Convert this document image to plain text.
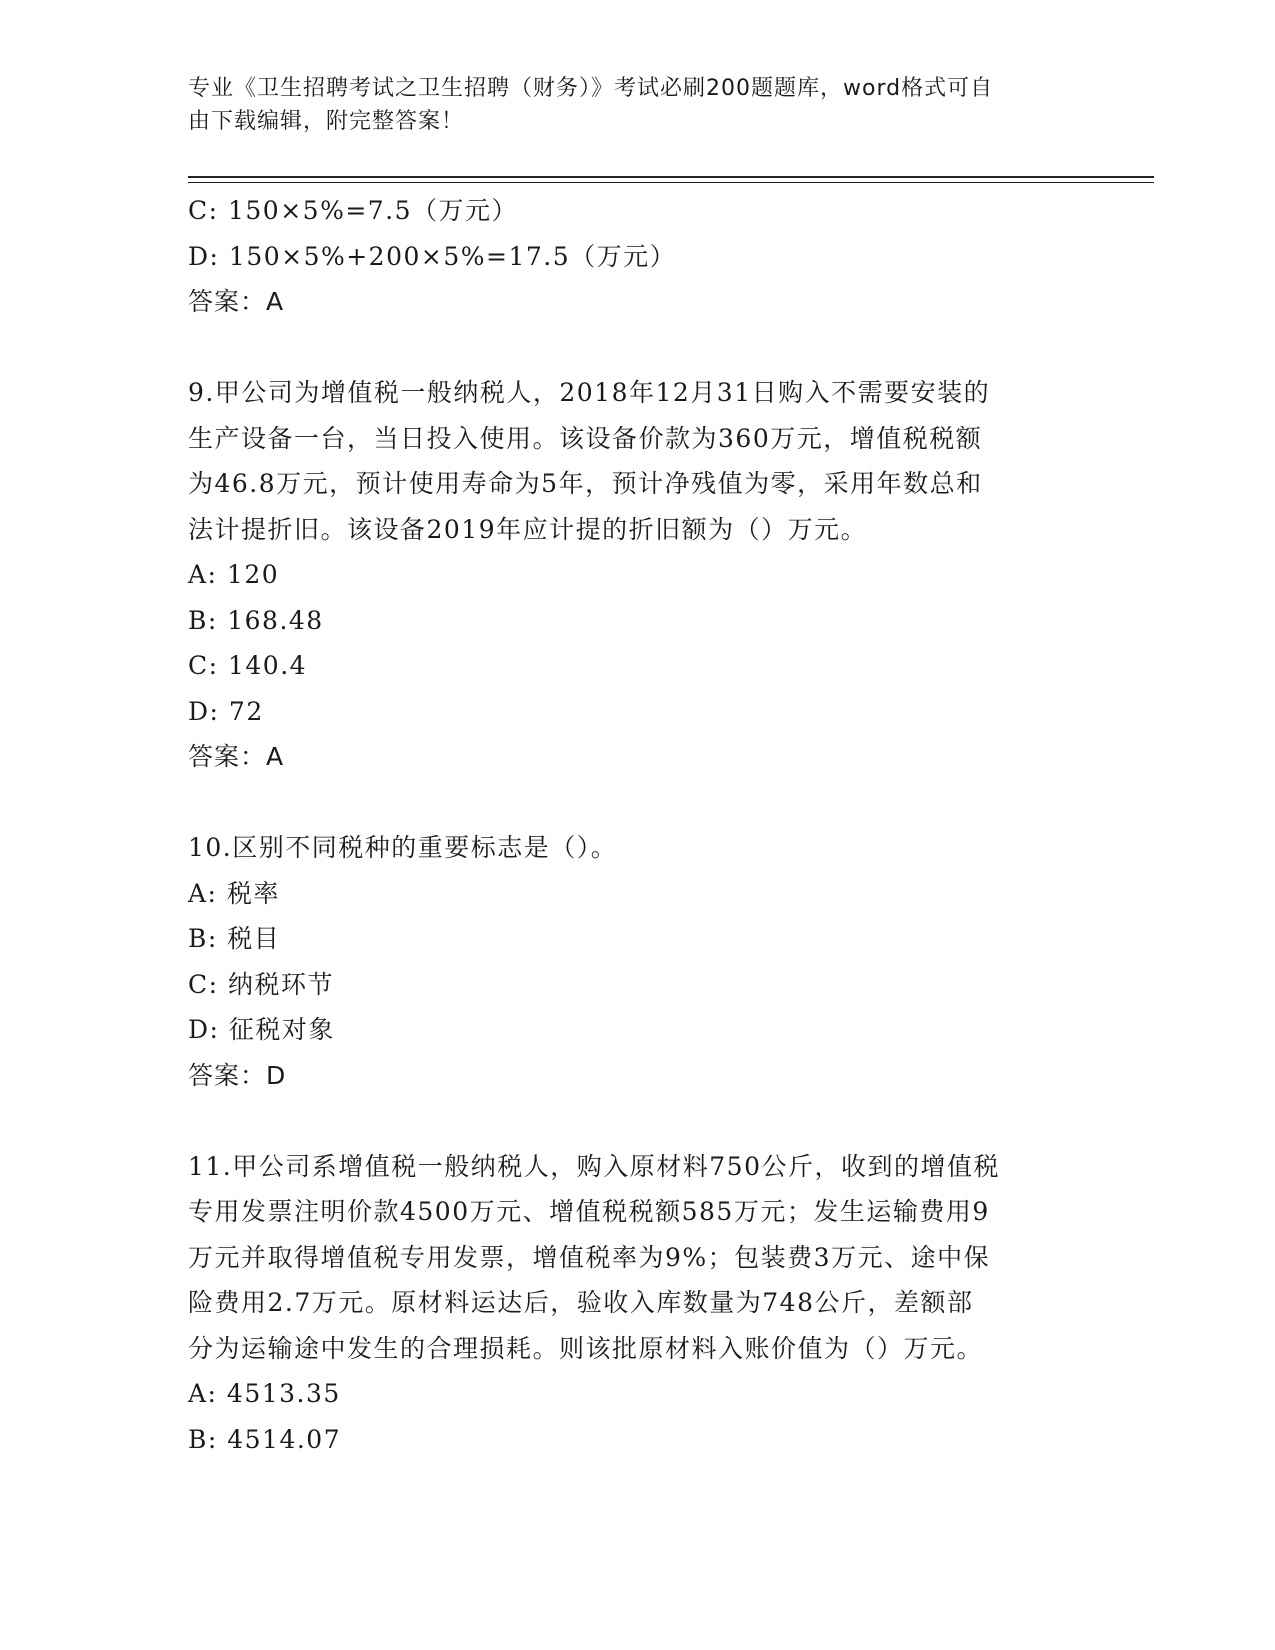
专业《卫生招聘考试之卫生招聘（财务）》考试必刷200题题库，word格式可自
由下载编辑，附完整答案！
C: 150×5%=7.5（万元）
D: 150×5%+200×5%=17.5（万元）
答案：A
9.甲公司为增值税一般纳税人，2018年12月31日购入不需要安装的
生产设备一台，当日投入使用。该设备价款为360万元，增值税税额
为46.8万元，预计使用寿命为5年，预计净残值为零，采用年数总和
法计提折旧。该设备2019年应计提的折旧额为（）万元。
A: 120
B: 168.48
C: 140.4
D: 72
答案：A
10.区别不同税种的重要标志是（）。
A: 税率
B: 税目
C: 纳税环节
D: 征税对象
答案：D
11.甲公司系增值税一般纳税人，购入原材料750公斤，收到的增值税
专用发票注明价款4500万元、增值税税额585万元；发生运输费用9
万元并取得增值税专用发票，增值税率为9%；包装费3万元、途中保
险费用2.7万元。原材料运达后，验收入库数量为748公斤，差额部
分为运输途中发生的合理损耗。则该批原材料入账价值为（）万元。
A: 4513.35
B: 4514.07
